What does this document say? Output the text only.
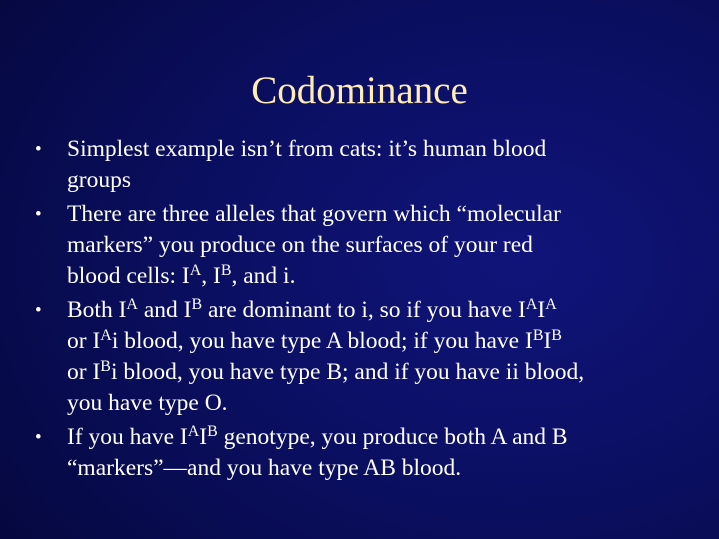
Codominance
•	Simplest example isn’t from cats: it’s human blood
groups
•	There are three alleles that govern which “molecular
markers” you produce on the surfaces of your red
blood cells: $I^A$, $I^B$, and i.
•	Both $I^A$ and $I^B$ are dominant to i, so if you have $I^AI^A$
or $I^Ai$ blood, you have type A blood; if you have $I^BI^B$
or $I^Bi$ blood, you have type B; and if you have ii blood,
you have type O.
•	If you have $I^AI^B$ genotype, you produce both A and B
“markers”—and you have type AB blood.
